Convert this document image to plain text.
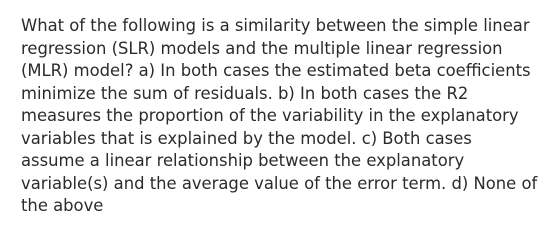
What of the following is a similarity between the simple linear regression (SLR) models and the multiple linear regression (MLR) model? a) In both cases the estimated beta coefficients minimize the sum of residuals. b) In both cases the R2 measures the proportion of the variability in the explanatory variables that is explained by the model. c) Both cases assume a linear relationship between the explanatory variable(s) and the average value of the error term. d) None of the above
